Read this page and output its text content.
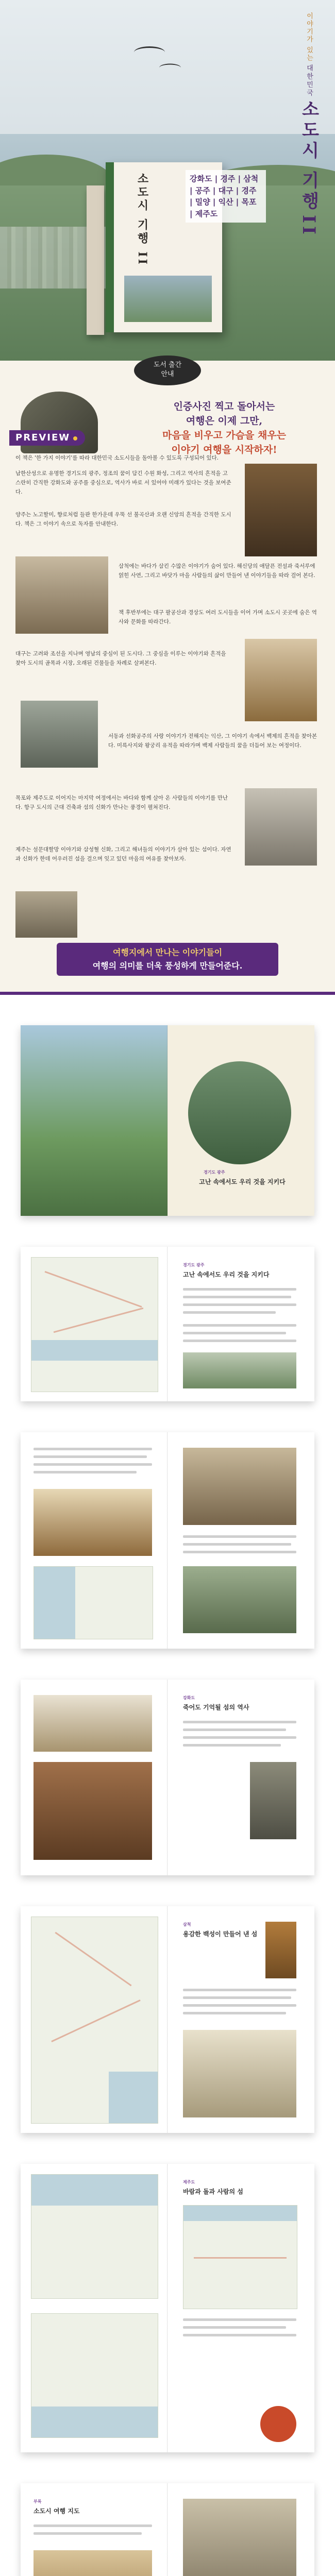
이야기가 있는 대한민국 소도시 기행 II
소도시 기행 II	강화도 | 경주 | 삼척 | 공주 | 대구 | 경주 | 밀양 | 익산 | 목포 | 제주도
도서 출간
안내
인증사진 찍고 돌아서는
여행은 이제 그만,
마음을 비우고 가슴을 채우는
이야기 여행을 시작하자!
PREVIEW
이 책은 '한 가지 이야기'를 따라 대한민국 소도시들을 돌아볼 수 있도록 구성되어 있다.
남한산성으로 유명한 경기도의 광주, 정조의 꿈이 담긴 수원 화성, 그리고 역사의 흔적을 고스란히 간직한 강화도와 공주를 중심으로, 역사가 바로 서 있어야 미래가 있다는 것을 보여준다.
양주는 노고할미, 향로처럼 들판 한가운데 우뚝 선 불곡산과 오랜 신앙의 흔적을 간직한 도시다. 책은 그 이야기 속으로 독자를 안내한다.
삼척에는 바다가 삼킨 수많은 이야기가 숨어 있다. 해신당의 애달픈 전설과 죽서루에 얽힌 사연, 그리고 바닷가 마을 사람들의 삶이 만들어 낸 이야기들을 따라 걸어 본다.
책 후반부에는 대구 팔공산과 경상도 여러 도시들을 이어 가며 소도시 곳곳에 숨은 역사와 문화를 따라간다.
대구는 고려와 조선을 지나며 영남의 중심이 된 도시다. 그 중심을 이루는 이야기와 흔적을 찾아 도시의 골목과 시장, 오래된 건물들을 차례로 살펴본다.
서동과 선화공주의 사랑 이야기가 전해지는 익산, 그 이야기 속에서 백제의 흔적을 찾아본다. 미륵사지와 왕궁리 유적을 따라가며 백제 사람들의 꿈을 더듬어 보는 여정이다.
목포와 제주도로 이어지는 마지막 여정에서는 바다와 함께 살아 온 사람들의 이야기를 만난다. 항구 도시의 근대 건축과 섬의 신화가 만나는 풍경이 펼쳐진다.
제주는 설문대할망 이야기와 삼성혈 신화, 그리고 해녀들의 이야기가 살아 있는 섬이다. 자연과 신화가 한데 어우러진 섬을 걸으며 잊고 있던 마음의 여유를 찾아보자.
여행지에서 만나는 이야기들이
여행의 의미를 더욱 풍성하게 만들어준다.
경기도 광주
고난 속에서도 우리 것을 지키다
경기도 광주
고난 속에서도 우리 것을 지키다
강화도
죽어도 기억될 섬의 역사
삼척
용감한 백성이 만들어 낸 섬
제주도
바람과 돌과 사람의 섬
부록
소도시 여행 지도
